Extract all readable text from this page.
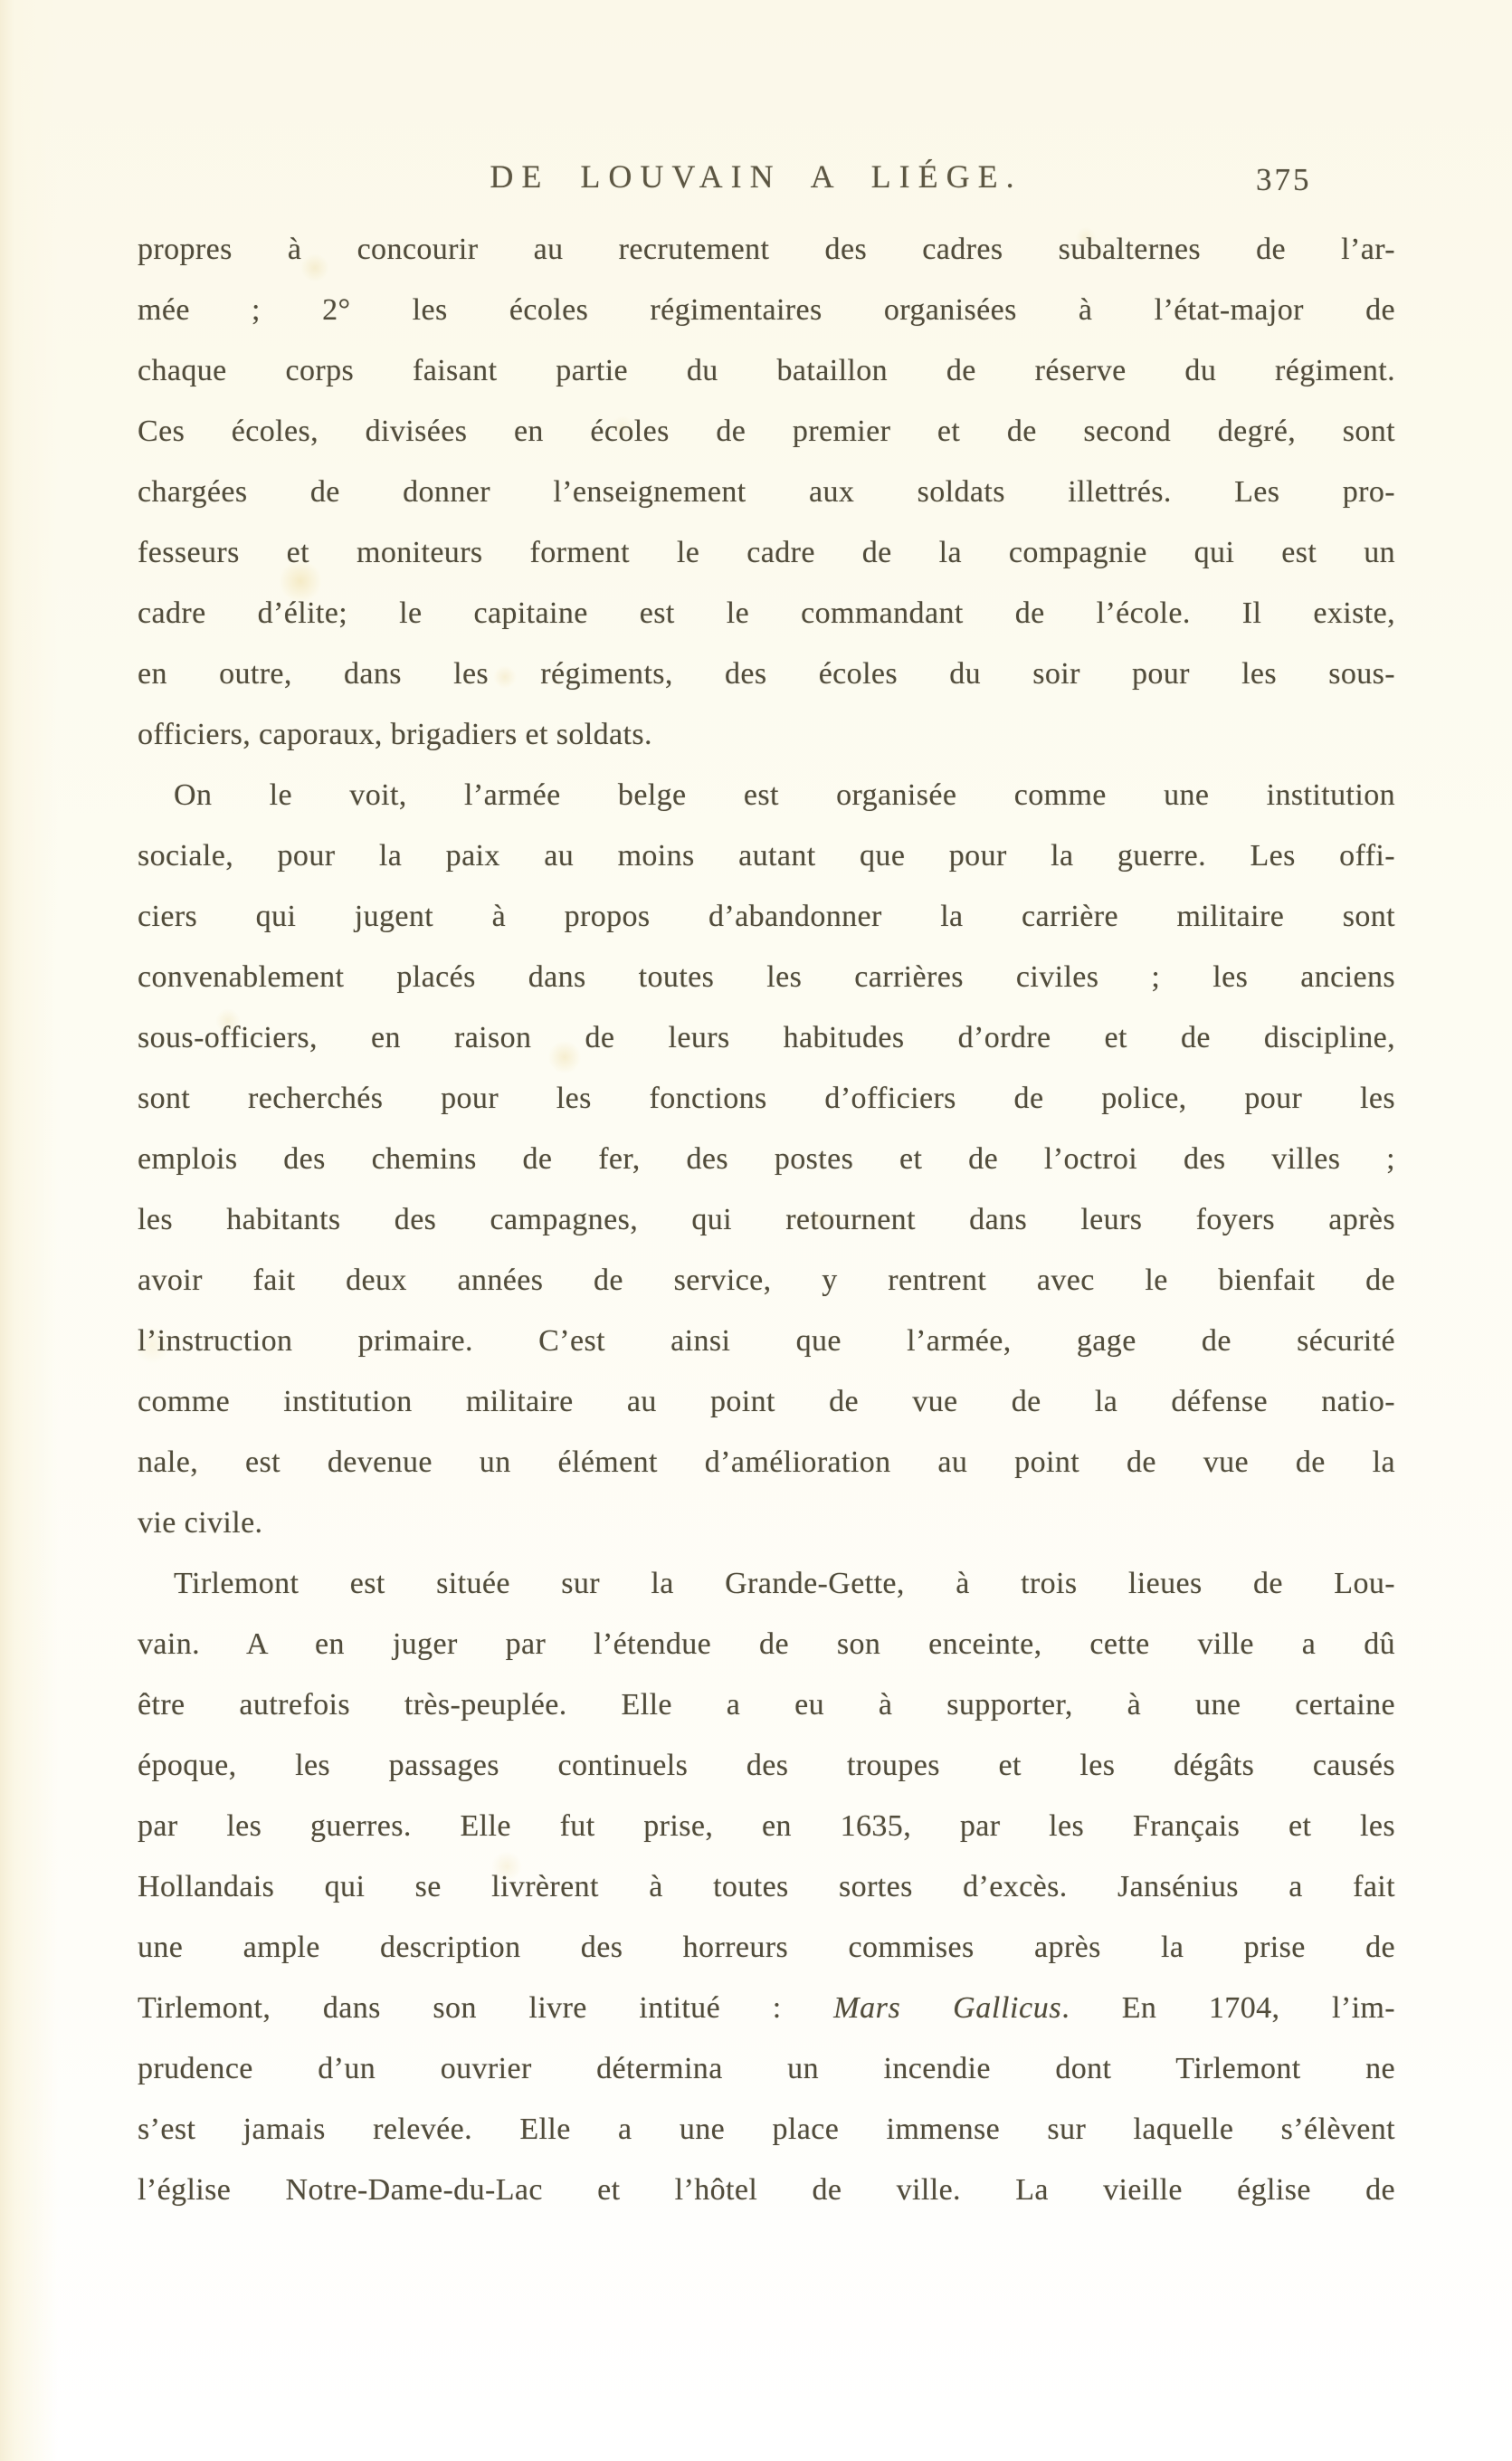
DE LOUVAIN A LIÉGE.	375
propres à concourir au recrutement des cadres subalternes de l’ar-
mée ; 2° les écoles régimentaires organisées à l’état-major de
chaque corps faisant partie du bataillon de réserve du régiment.
Ces écoles, divisées en écoles de premier et de second degré, sont
chargées de donner l’enseignement aux soldats illettrés. Les pro-
fesseurs et moniteurs forment le cadre de la compagnie qui est un
cadre d’élite; le capitaine est le commandant de l’école. Il existe,
en outre, dans les régiments, des écoles du soir pour les sous-
officiers, caporaux, brigadiers et soldats.
On le voit, l’armée belge est organisée comme une institution
sociale, pour la paix au moins autant que pour la guerre. Les offi-
ciers qui jugent à propos d’abandonner la carrière militaire sont
convenablement placés dans toutes les carrières civiles ; les anciens
sous-officiers, en raison de leurs habitudes d’ordre et de discipline,
sont recherchés pour les fonctions d’officiers de police, pour les
emplois des chemins de fer, des postes et de l’octroi des villes ;
les habitants des campagnes, qui retournent dans leurs foyers après
avoir fait deux années de service, y rentrent avec le bienfait de
l’instruction primaire. C’est ainsi que l’armée, gage de sécurité
comme institution militaire au point de vue de la défense natio-
nale, est devenue un élément d’amélioration au point de vue de la
vie civile.
Tirlemont est située sur la Grande-Gette, à trois lieues de Lou-
vain. A en juger par l’étendue de son enceinte, cette ville a dû
être autrefois très-peuplée. Elle a eu à supporter, à une certaine
époque, les passages continuels des troupes et les dégâts causés
par les guerres. Elle fut prise, en 1635, par les Français et les
Hollandais qui se livrèrent à toutes sortes d’excès. Jansénius a fait
une ample description des horreurs commises après la prise de
Tirlemont, dans son livre intitué : Mars Gallicus. En 1704, l’im-
prudence d’un ouvrier détermina un incendie dont Tirlemont ne
s’est jamais relevée. Elle a une place immense sur laquelle s’élèvent
l’église Notre-Dame-du-Lac et l’hôtel de ville. La vieille église de
